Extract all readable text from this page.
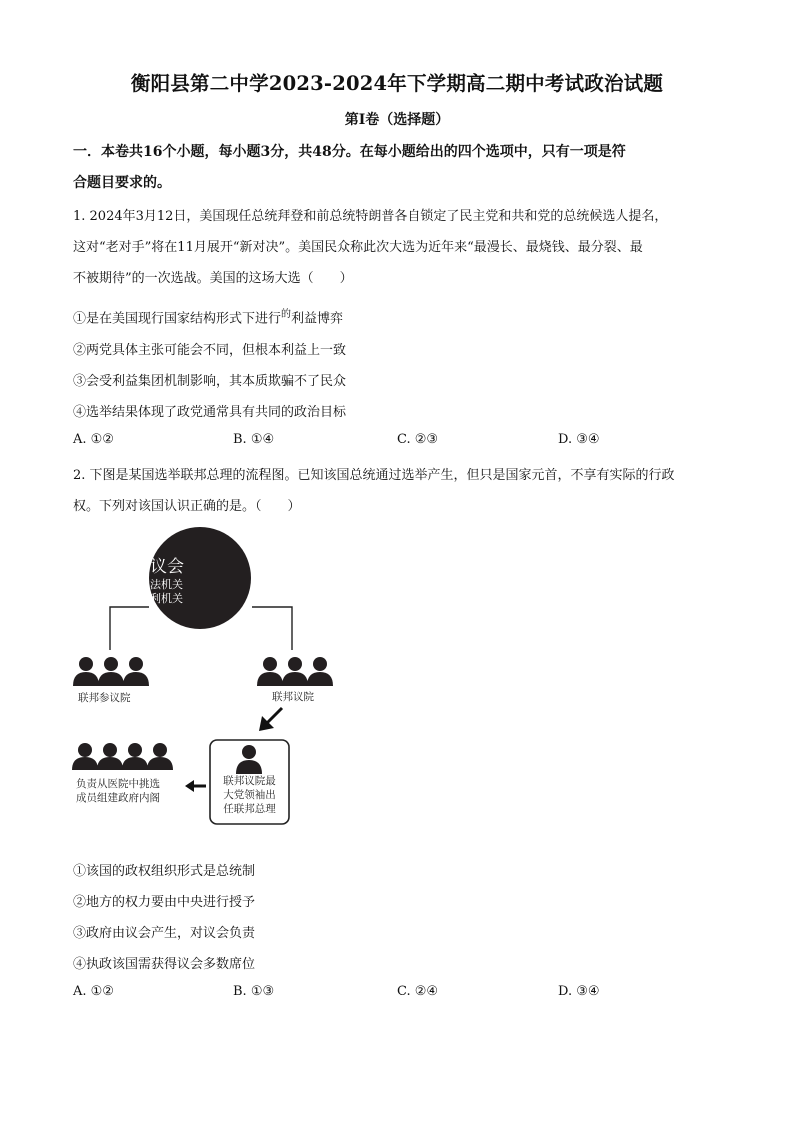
衡阳县第二中学2023-2024年下学期高二期中考试政治试题
第I卷（选择题）
一．本卷共16个小题，每小题3分，共48分。在每小题给出的四个选项中，只有一项是符
合题目要求的。
1. 2024年3月12日，美国现任总统拜登和前总统特朗普各自锁定了民主党和共和党的总统候选人提名，
这对“老对手”将在11月展开“新对决”。美国民众称此次大选为近年来“最漫长、最烧钱、最分裂、最
不被期待”的一次选战。美国的这场大选（　　）
①是在美国现行国家结构形式下进行$^的$利益博弈
②两党具体主张可能会不同，但根本利益上一致
③会受利益集团机制影响，其本质欺骗不了民众
④选举结果体现了政党通常具有共同的政治目标
A. ①②	B. ①④	C. ②③	D. ③④
2. 下图是某国选举联邦总理的流程图。已知该国总统通过选举产生，但只是国家元首，不享有实际的行政
权。下列对该国认识正确的是。（　　）
联邦议会
最高立法机关
最高权利机关
联邦参议院	联邦议院
联邦议院最
大党领袖出
任联邦总理
负责从医院中挑选
成员组建政府内阁
①该国的政权组织形式是总统制
②地方的权力要由中央进行授予
③政府由议会产生，对议会负责
④执政该国需获得议会多数席位
A. ①②	B. ①③	C. ②④	D. ③④
